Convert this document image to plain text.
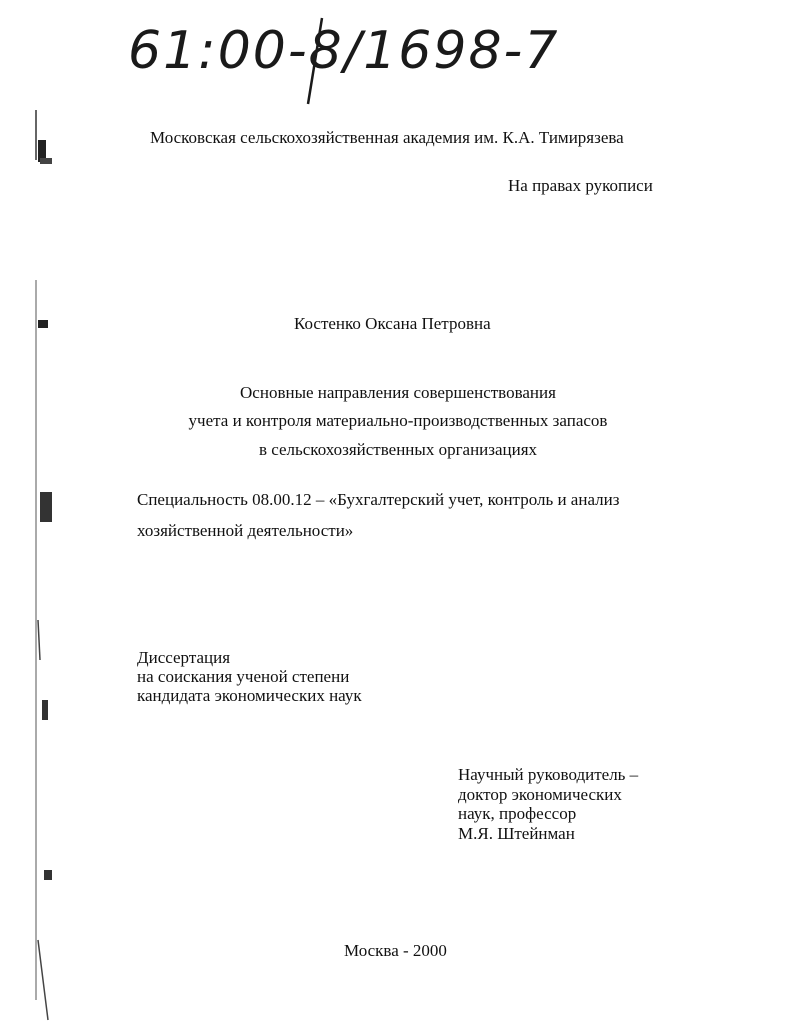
61:00-8/1698-7
Московская сельскохозяйственная академия им. К.А. Тимирязева
На правах рукописи
Костенко Оксана Петровна
Основные направления совершенствования
учета и контроля материально-производственных запасов
в сельскохозяйственных организациях
Специальность 08.00.12 – «Бухгалтерский учет, контроль и анализ
хозяйственной деятельности»
Диссертация
на соискания ученой степени
кандидата экономических наук
Научный руководитель –
доктор экономических
наук, профессор
М.Я. Штейнман
Москва - 2000
